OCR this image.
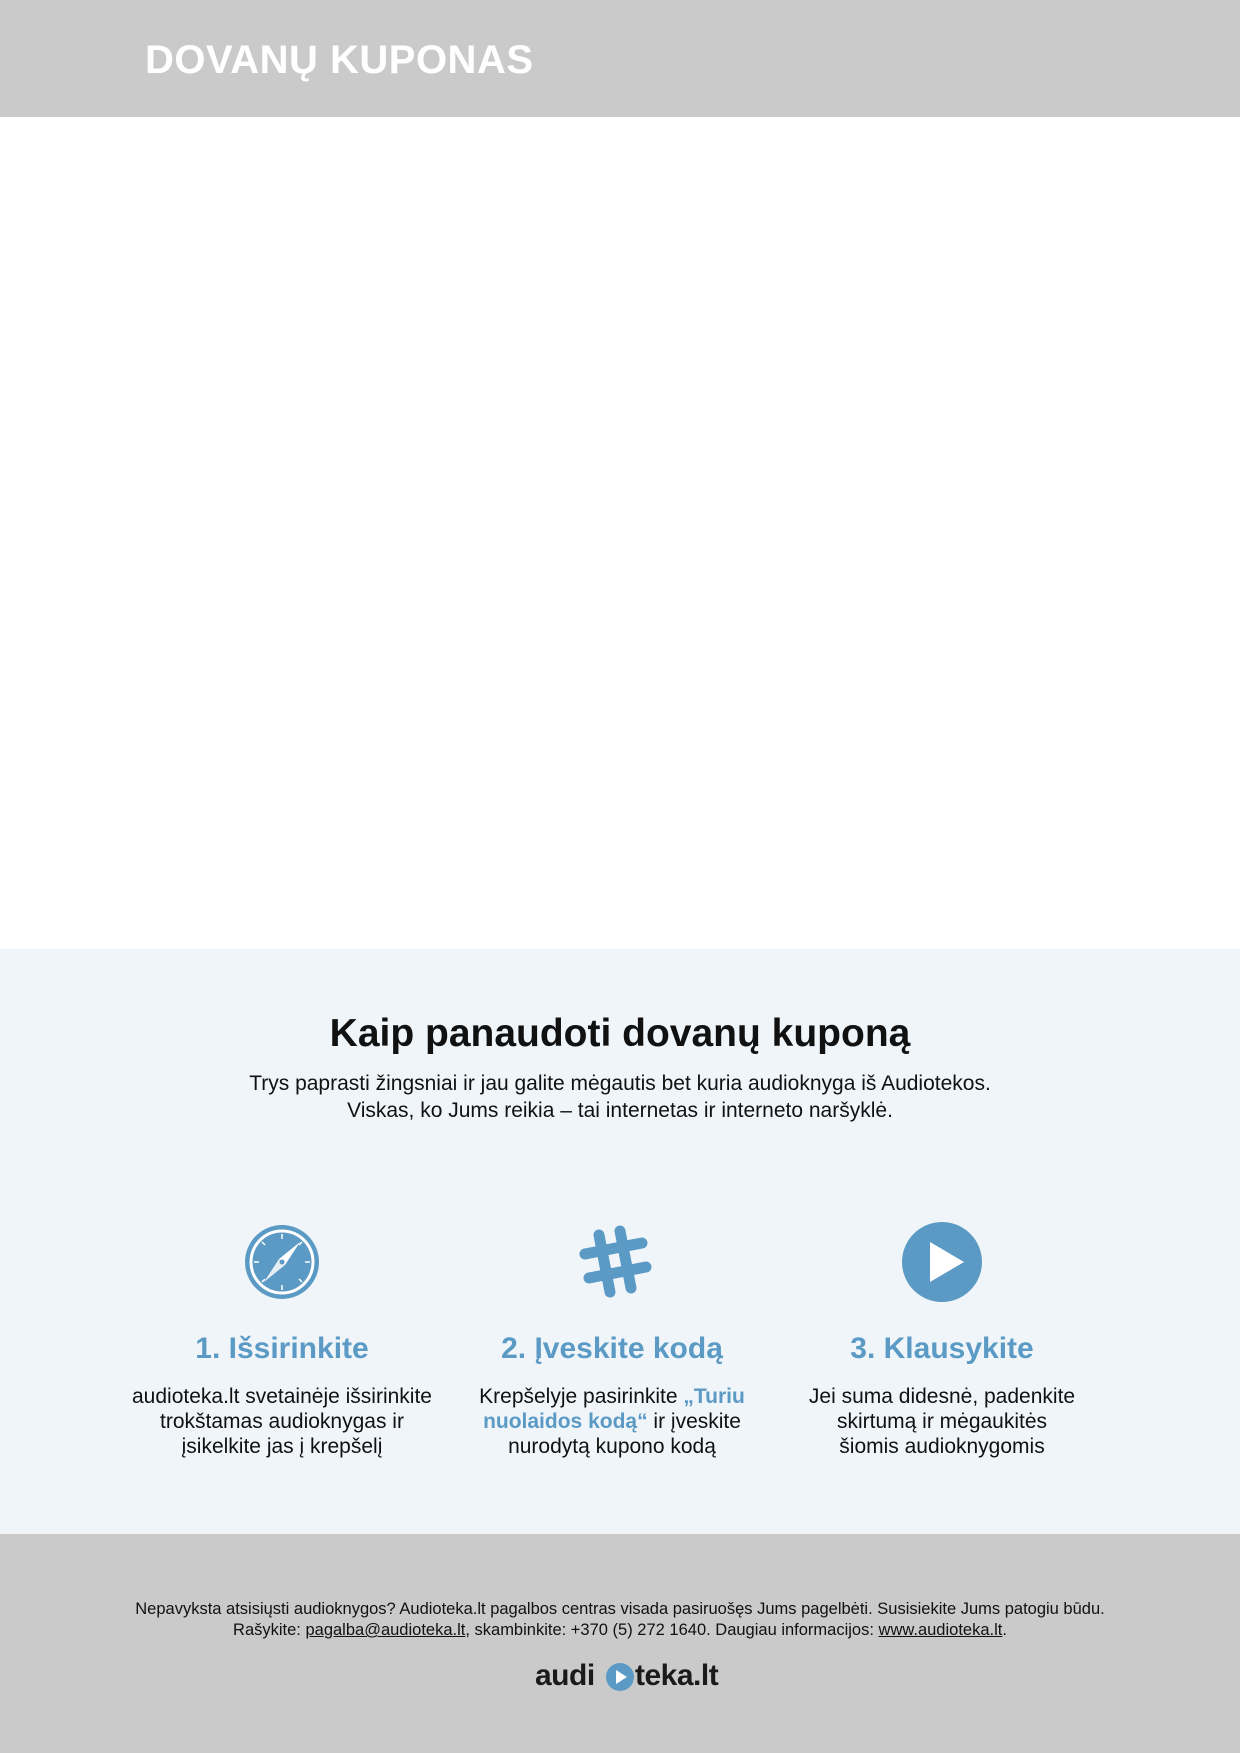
DOVANŲ KUPONAS
Kaip panaudoti dovanų kuponą
Trys paprasti žingsniai ir jau galite mėgautis bet kuria audioknyga iš Audiotekos.
Viskas, ko Jums reikia – tai internetas ir interneto naršyklė.
1. Išsirinkite
audioteka.lt svetainėje išsirinkite
trokštamas audioknygas ir
įsikelkite jas į krepšelį
2. Įveskite kodą
Krepšelyje pasirinkite „Turiu nuolaidos kodą“ ir įveskite
nurodytą kupono kodą
3. Klausykite
Jei suma didesnė, padenkite
skirtumą ir mėgaukitės
šiomis audioknygomis
Nepavyksta atsisiųsti audioknygos? Audioteka.lt pagalbos centras visada pasiruošęs Jums pagelbėti. Susisiekite Jums patogiu būdu.
Rašykite: pagalba@audioteka.lt, skambinkite: +370 (5) 272 1640. Daugiau informacijos: www.audioteka.lt.
audi teka.lt
